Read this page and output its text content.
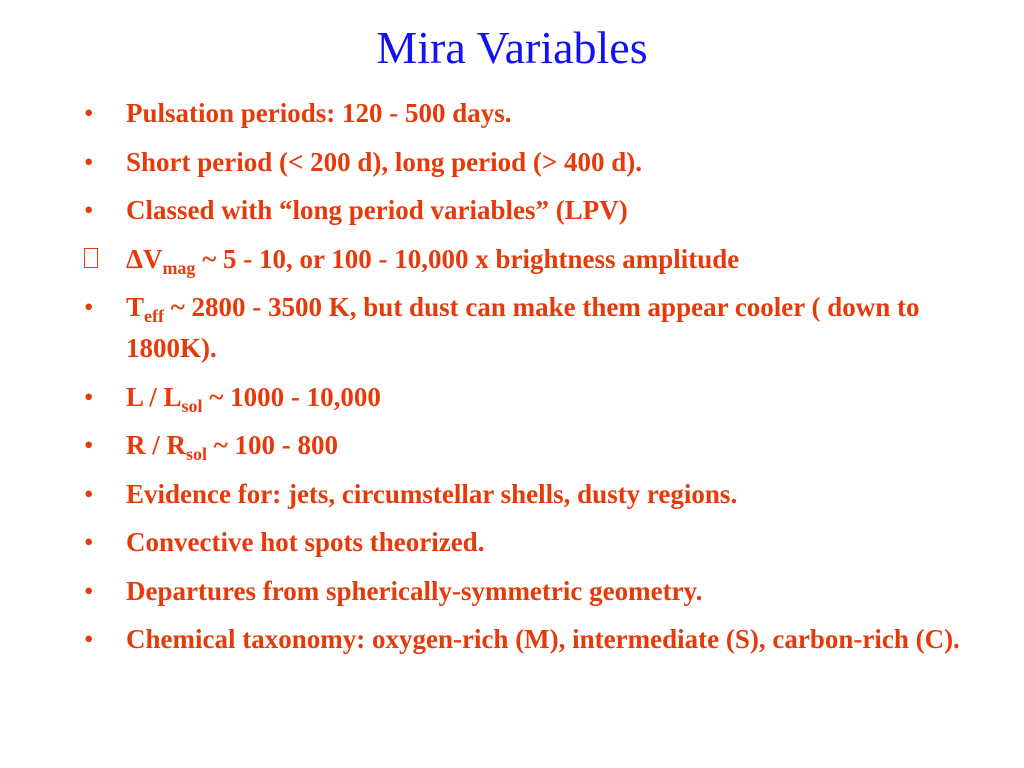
Mira Variables
•	Pulsation periods: 120 - 500 days.
•	Short period (< 200 d), long period (> 400 d).
•	Classed with “long period variables” (LPV)
$\Delta V_{mag}$ ~ 5 - 10, or 100 - 10,000 x brightness amplitude
•	$T_{eff}$ ~ 2800 - 3500 K, but dust can make them appear cooler ( down to 1800K).
•	L / $L_{sol}$ ~ 1000 - 10,000
•	R / $R_{sol}$ ~ 100 - 800
•	Evidence for: jets, circumstellar shells, dusty regions.
•	Convective hot spots theorized.
•	Departures from spherically-symmetric geometry.
•	Chemical taxonomy: oxygen-rich (M), intermediate (S), carbon-rich (C).
